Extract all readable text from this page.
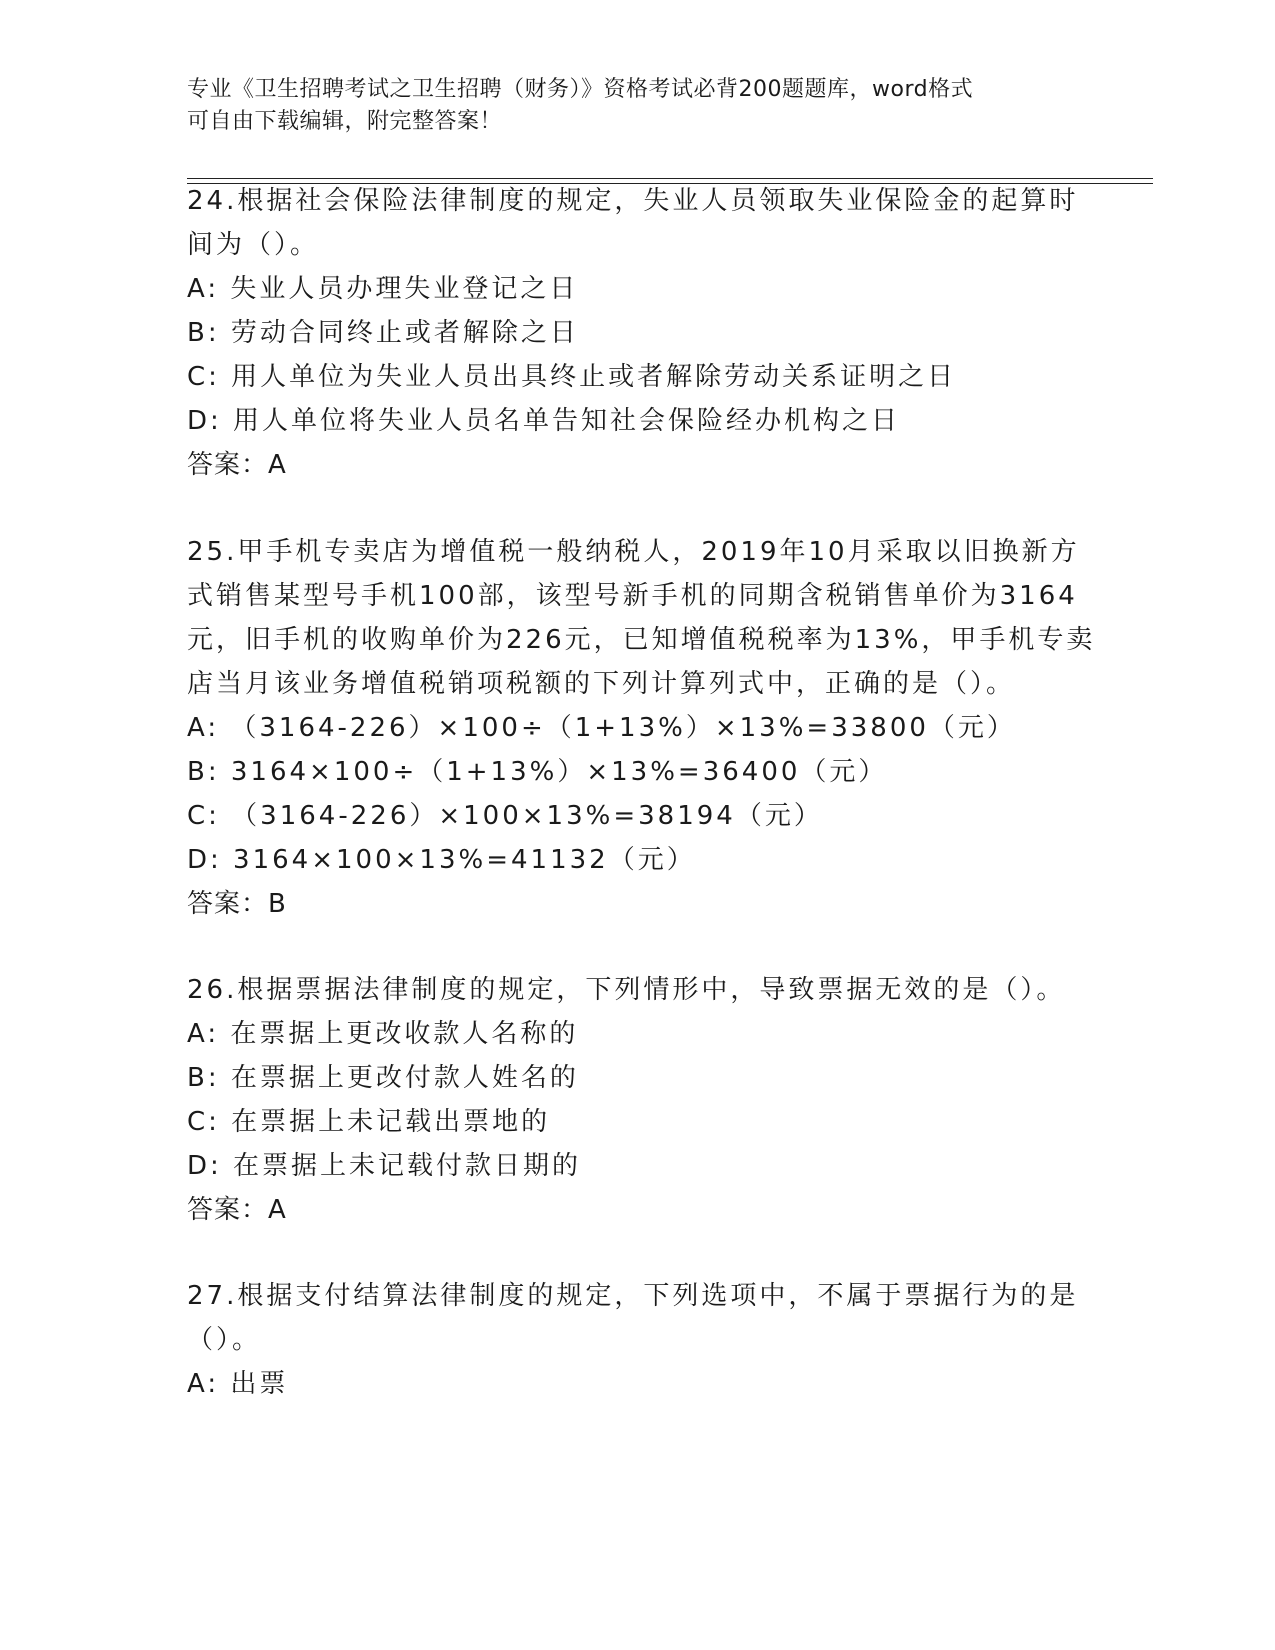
专业《卫生招聘考试之卫生招聘（财务）》资格考试必背200题题库，word格式
可自由下载编辑，附完整答案！
24.根据社会保险法律制度的规定，失业人员领取失业保险金的起算时
间为（）。
A: 失业人员办理失业登记之日
B: 劳动合同终止或者解除之日
C: 用人单位为失业人员出具终止或者解除劳动关系证明之日
D: 用人单位将失业人员名单告知社会保险经办机构之日
答案：A
25.甲手机专卖店为增值税一般纳税人，2019年10月采取以旧换新方
式销售某型号手机100部，该型号新手机的同期含税销售单价为3164
元，旧手机的收购单价为226元，已知增值税税率为13%，甲手机专卖
店当月该业务增值税销项税额的下列计算列式中，正确的是（）。
A: （3164-226）×100÷（1+13%）×13%=33800（元）
B: 3164×100÷（1+13%）×13%=36400（元）
C: （3164-226）×100×13%=38194（元）
D: 3164×100×13%=41132（元）
答案：B
26.根据票据法律制度的规定，下列情形中，导致票据无效的是（）。
A: 在票据上更改收款人名称的
B: 在票据上更改付款人姓名的
C: 在票据上未记载出票地的
D: 在票据上未记载付款日期的
答案：A
27.根据支付结算法律制度的规定，下列选项中，不属于票据行为的是
（）。
A: 出票
